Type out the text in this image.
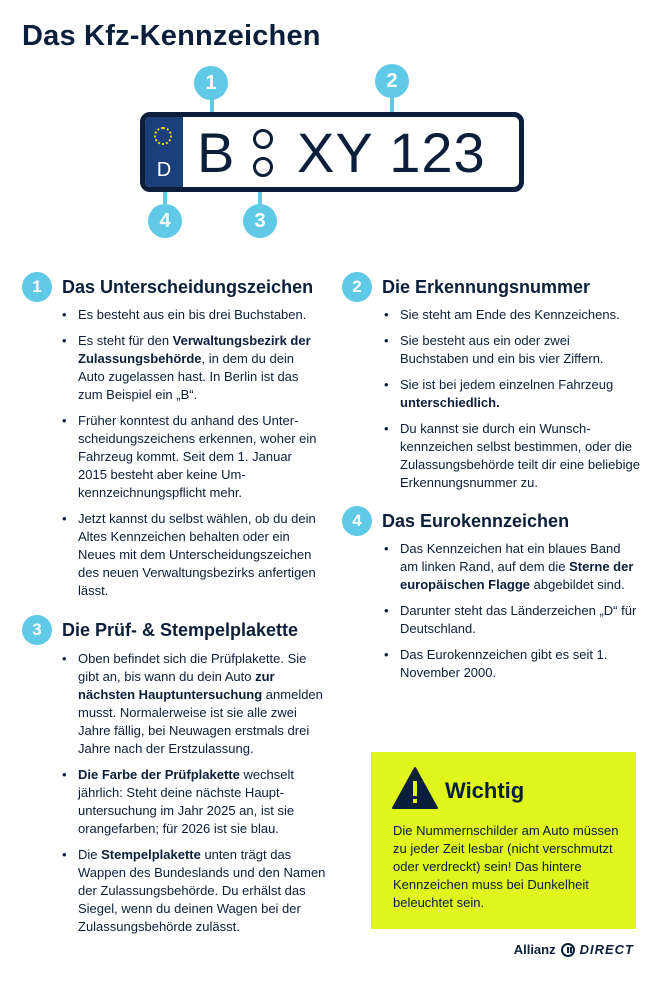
Das Kfz-Kennzeichen
1	2
3
4
D B XY 123
1	Das Unterscheidungszeichen
• Es besteht aus ein bis drei Buchstaben.
• Es steht für den Verwaltungsbezirk der Zulassungsbehörde, in dem du dein Auto zugelassen hast. In Berlin ist das zum Beispiel ein „B“.
• Früher konntest du anhand des Unterscheidungszeichens erkennen, woher ein Fahrzeug kommt. Seit dem 1. Januar 2015 besteht aber keine Umkennzeichnungspflicht mehr.
• Jetzt kannst du selbst wählen, ob du dein Altes Kennzeichen behalten oder ein Neues mit dem Unterscheidungszeichen des neuen Verwaltungsbezirks anfertigen lässt.
3	Die Prüf- & Stempelplakette
• Oben befindet sich die Prüfplakette. Sie gibt an, bis wann du dein Auto zur nächsten Hauptuntersuchung anmelden musst. Normalerweise ist sie alle zwei Jahre fällig, bei Neuwagen erstmals drei Jahre nach der Erstzulassung.
• Die Farbe der Prüfplakette wechselt jährlich: Steht deine nächste Hauptuntersuchung im Jahr 2025 an, ist sie orangefarben; für 2026 ist sie blau.
• Die Stempelplakette unten trägt das Wappen des Bundeslands und den Namen der Zulassungsbehörde. Du erhälst das Siegel, wenn du deinen Wagen bei der Zulassungsbehörde zulässt.
2	Die Erkennungsnummer
• Sie steht am Ende des Kennzeichens.
• Sie besteht aus ein oder zwei Buchstaben und ein bis vier Ziffern.
• Sie ist bei jedem einzelnen Fahrzeug unterschiedlich.
• Du kannst sie durch ein Wunschkennzeichen selbst bestimmen, oder die Zulassungsbehörde teilt dir eine beliebige Erkennungsnummer zu.
4	Das Eurokennzeichen
• Das Kennzeichen hat ein blaues Band am linken Rand, auf dem die Sterne der europäischen Flagge abgebildet sind.
• Darunter steht das Länderzeichen „D“ für Deutschland.
• Das Eurokennzeichen gibt es seit 1. November 2000.
Wichtig
Die Nummernschilder am Auto müssen zu jeder Zeit lesbar (nicht verschmutzt oder verdreckt) sein! Das hintere Kennzeichen muss bei Dunkelheit beleuchtet sein.
Allianz DIRECT
